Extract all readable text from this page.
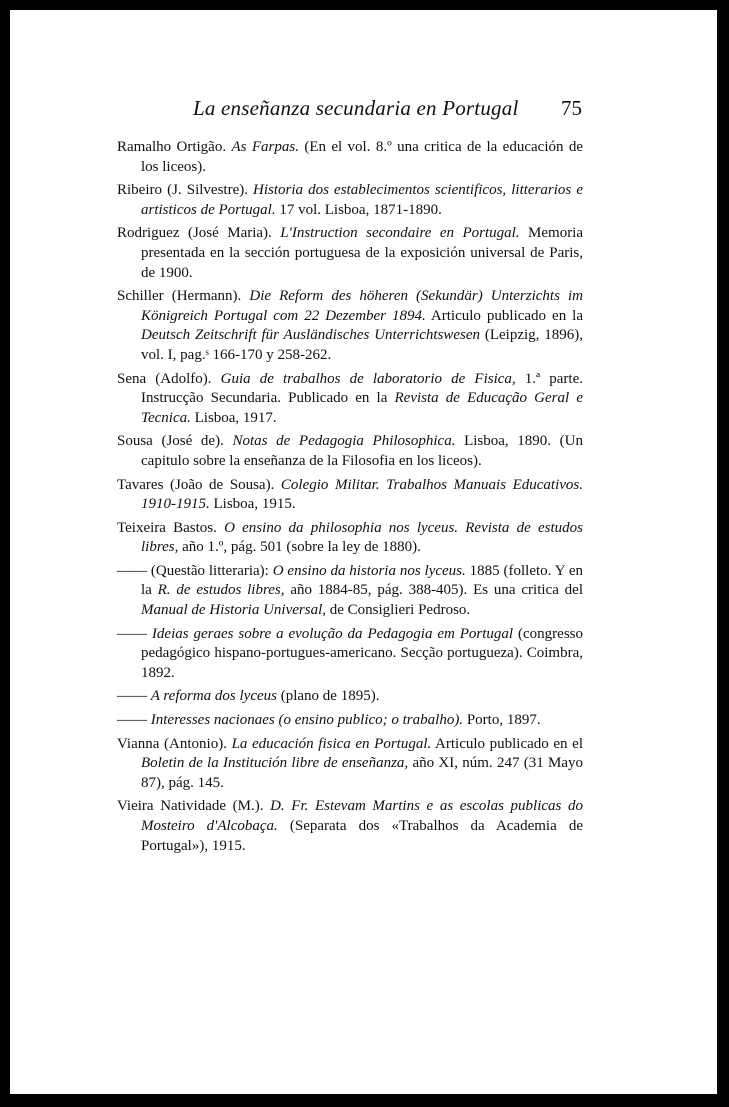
La enseñanza secundaria en Portugal 75

Ramalho Ortigão. As Farpas. (En el vol. 8.º una critica de la educación de los liceos).

Ribeiro (J. Silvestre). Historia dos establecimentos scientificos, litterarios e artisticos de Portugal. 17 vol. Lisboa, 1871-1890.

Rodriguez (José Maria). L'Instruction secondaire en Portugal. Memoria presentada en la sección portuguesa de la exposición universal de Paris, de 1900.

Schiller (Hermann). Die Reform des höheren (Sekundär) Unterzichts im Königreich Portugal com 22 Dezember 1894. Articulo publicado en la Deutsch Zeitschrift für Ausländisches Unterrichtswesen (Leipzig, 1896), vol. I, pag.ˢ 166-170 y 258-262.

Sena (Adolfo). Guia de trabalhos de laboratorio de Fisica, 1.ª parte. Instrucção Secundaria. Publicado en la Revista de Educação Geral e Tecnica. Lisboa, 1917.

Sousa (José de). Notas de Pedagogia Philosophica. Lisboa, 1890. (Un capitulo sobre la enseñanza de la Filosofia en los liceos).

Tavares (João de Sousa). Colegio Militar. Trabalhos Manuais Educativos. 1910-1915. Lisboa, 1915.

Teixeira Bastos. O ensino da philosophia nos lyceus. Revista de estudos libres, año 1.º, pág. 501 (sobre la ley de 1880).

—— (Questão litteraria): O ensino da historia nos lyceus. 1885 (folleto. Y en la R. de estudos libres, año 1884-85, pág. 388-405). Es una critica del Manual de Historia Universal, de Consiglieri Pedroso.

—— Ideias geraes sobre a evolução da Pedagogia em Portugal (congresso pedagógico hispano-portugues-americano. Secção portugueza). Coimbra, 1892.

—— A reforma dos lyceus (plano de 1895).

—— Interesses nacionaes (o ensino publico; o trabalho). Porto, 1897.

Vianna (Antonio). La educación fisica en Portugal. Articulo publicado en el Boletin de la Institución libre de enseñanza, año XI, núm. 247 (31 Mayo 87), pág. 145.

Vieira Natividade (M.). D. Fr. Estevam Martins e as escolas publicas do Mosteiro d'Alcobaça. (Separata dos «Trabalhos da Academia de Portugal»), 1915.
